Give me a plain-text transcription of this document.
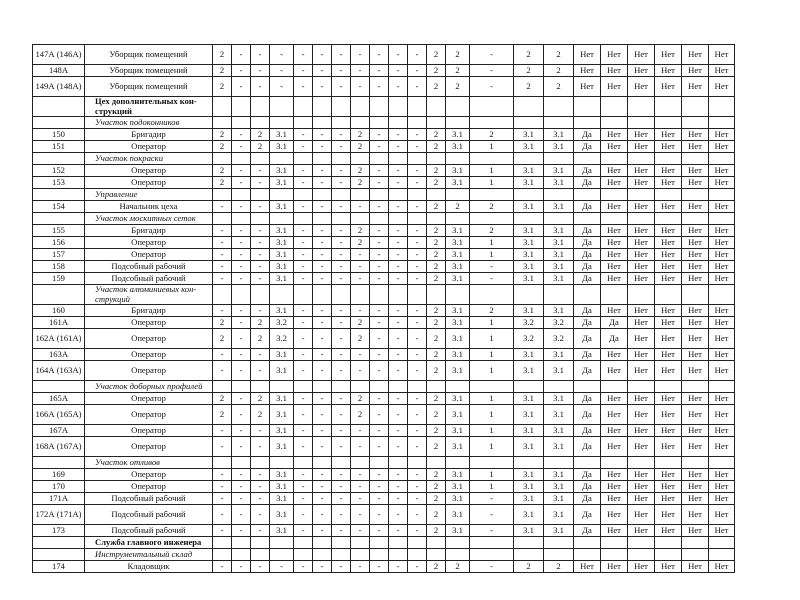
147А (146А)	Уборщик помещений	2	-	-	-	-	-	-	-	-	-	-	2	2	-	2	2	Нет	Нет	Нет	Нет	Нет	Нет
148А	Уборщик помещений	2	-	-	-	-	-	-	-	-	-	-	2	2	-	2	2	Нет	Нет	Нет	Нет	Нет	Нет
149А (148А)	Уборщик помещений	2	-	-	-	-	-	-	-	-	-	-	2	2	-	2	2	Нет	Нет	Нет	Нет	Нет	Нет
	Цех дополнительных кон-струкций																						
	Участок подоконников																						
150	Бригадир	2	-	2	3.1	-	-	-	2	-	-	-	2	3.1	2	3.1	3.1	Да	Нет	Нет	Нет	Нет	Нет
151	Оператор	2	-	2	3.1	-	-	-	2	-	-	-	2	3.1	1	3.1	3.1	Да	Нет	Нет	Нет	Нет	Нет
	Участок покраски																						
152	Оператор	2	-	-	3.1	-	-	-	2	-	-	-	2	3.1	1	3.1	3.1	Да	Нет	Нет	Нет	Нет	Нет
153	Оператор	2	-	-	3.1	-	-	-	2	-	-	-	2	3.1	1	3.1	3.1	Да	Нет	Нет	Нет	Нет	Нет
	Управление																						
154	Начальник цеха	-	-	-	3.1	-	-	-	-	-	-	-	2	2	2	3.1	3.1	Да	Нет	Нет	Нет	Нет	Нет
	Участок москитных сеток																						
155	Бригадир	-	-	-	3.1	-	-	-	2	-	-	-	2	3.1	2	3.1	3.1	Да	Нет	Нет	Нет	Нет	Нет
156	Оператор	-	-	-	3.1	-	-	-	2	-	-	-	2	3.1	1	3.1	3.1	Да	Нет	Нет	Нет	Нет	Нет
157	Оператор	-	-	-	3.1	-	-	-	-	-	-	-	2	3.1	1	3.1	3.1	Да	Нет	Нет	Нет	Нет	Нет
158	Подсобный рабочий	-	-	-	3.1	-	-	-	-	-	-	-	2	3.1	-	3.1	3.1	Да	Нет	Нет	Нет	Нет	Нет
159	Подсобный рабочий	-	-	-	3.1	-	-	-	-	-	-	-	2	3.1	-	3.1	3.1	Да	Нет	Нет	Нет	Нет	Нет
	Участок алюминиевых кон-струкций																						
160	Бригадир	-	-	-	3.1	-	-	-	-	-	-	-	2	3.1	2	3.1	3.1	Да	Нет	Нет	Нет	Нет	Нет
161А	Оператор	2	-	2	3.2	-	-	-	2	-	-	-	2	3.1	1	3.2	3.2	Да	Да	Нет	Нет	Нет	Нет
162А (161А)	Оператор	2	-	2	3.2	-	-	-	2	-	-	-	2	3.1	1	3.2	3.2	Да	Да	Нет	Нет	Нет	Нет
163А	Оператор	-	-	-	3.1	-	-	-	-	-	-	-	2	3.1	1	3.1	3.1	Да	Нет	Нет	Нет	Нет	Нет
164А (163А)	Оператор	-	-	-	3.1	-	-	-	-	-	-	-	2	3.1	1	3.1	3.1	Да	Нет	Нет	Нет	Нет	Нет
	Участок доборных профилей																						
165А	Оператор	2	-	2	3.1	-	-	-	2	-	-	-	2	3.1	1	3.1	3.1	Да	Нет	Нет	Нет	Нет	Нет
166А (165А)	Оператор	2	-	2	3.1	-	-	-	2	-	-	-	2	3.1	1	3.1	3.1	Да	Нет	Нет	Нет	Нет	Нет
167А	Оператор	-	-	-	3.1	-	-	-	-	-	-	-	2	3.1	1	3.1	3.1	Да	Нет	Нет	Нет	Нет	Нет
168А (167А)	Оператор	-	-	-	3.1	-	-	-	-	-	-	-	2	3.1	1	3.1	3.1	Да	Нет	Нет	Нет	Нет	Нет
	Участок отливов																						
169	Оператор	-	-	-	3.1	-	-	-	-	-	-	-	2	3.1	1	3.1	3.1	Да	Нет	Нет	Нет	Нет	Нет
170	Оператор	-	-	-	3.1	-	-	-	-	-	-	-	2	3.1	1	3.1	3.1	Да	Нет	Нет	Нет	Нет	Нет
171А	Подсобный рабочий	-	-	-	3.1	-	-	-	-	-	-	-	2	3.1	-	3.1	3.1	Да	Нет	Нет	Нет	Нет	Нет
172А (171А)	Подсобный рабочий	-	-	-	3.1	-	-	-	-	-	-	-	2	3.1	-	3.1	3.1	Да	Нет	Нет	Нет	Нет	Нет
173	Подсобный рабочий	-	-	-	3.1	-	-	-	-	-	-	-	2	3.1	-	3.1	3.1	Да	Нет	Нет	Нет	Нет	Нет
	Служба главного инженера																						
	Инструментальный склад																						
174	Кладовщик	-	-	-	-	-	-	-	-	-	-	-	2	2	-	2	2	Нет	Нет	Нет	Нет	Нет	Нет
